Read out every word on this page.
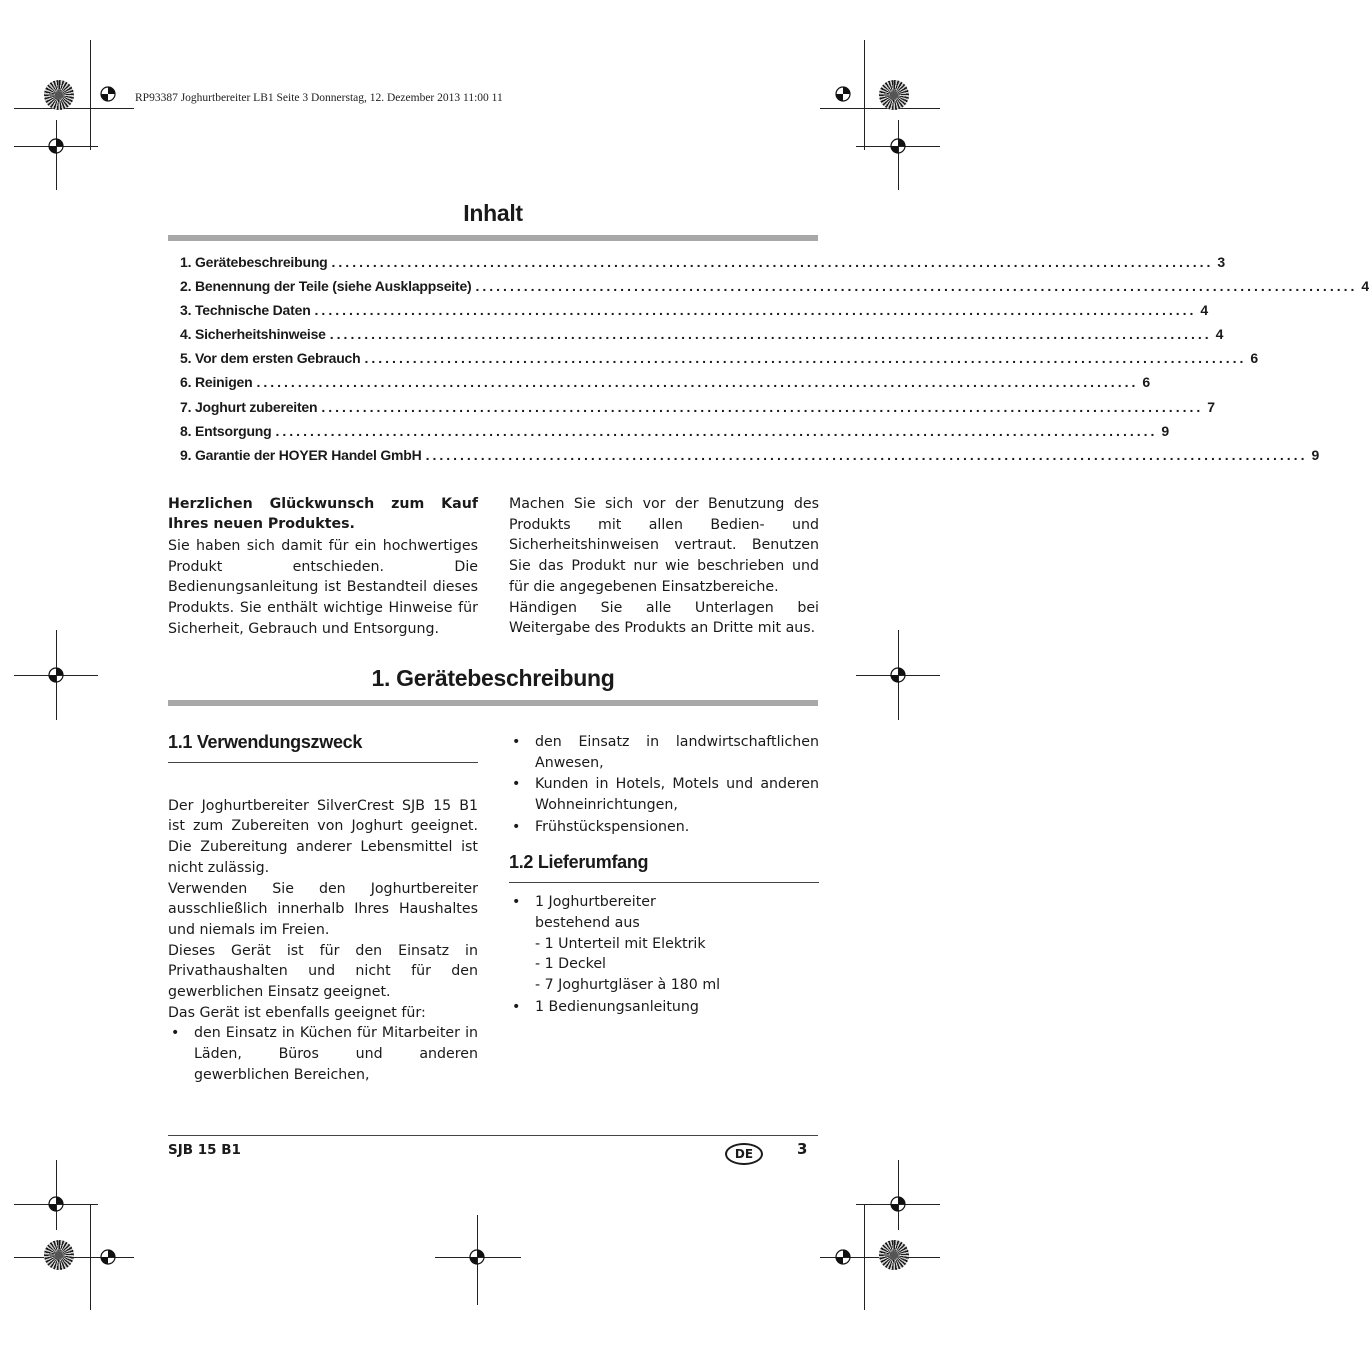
RP93387 Joghurtbereiter LB1 Seite 3 Donnerstag, 12. Dezember 2013 11:00 11
Inhalt
1. Gerätebeschreibung ................................................................................................................................ 3
2. Benennung der Teile (siehe Ausklappseite) ................................................................................................................................ 4
3. Technische Daten ................................................................................................................................ 4
4. Sicherheitshinweise ................................................................................................................................ 4
5. Vor dem ersten Gebrauch ................................................................................................................................ 6
6. Reinigen ................................................................................................................................ 6
7. Joghurt zubereiten ................................................................................................................................ 7
8. Entsorgung ................................................................................................................................ 9
9. Garantie der HOYER Handel GmbH ................................................................................................................................ 9

Herzlichen Glückwunsch zum Kauf Ihres neuen Produktes.

Sie haben sich damit für ein hochwertiges Produkt entschieden. Die Bedienungsanleitung ist Bestandteil dieses Produkts. Sie enthält wichtige Hinweise für Sicherheit, Gebrauch und Entsorgung.

Machen Sie sich vor der Benutzung des Produkts mit allen Bedien- und Sicherheitshinweisen vertraut. Benutzen Sie das Produkt nur wie beschrieben und für die angegebenen Einsatzbereiche.

Händigen Sie alle Unterlagen bei Weitergabe des Produkts an Dritte mit aus.

1. Gerätebeschreibung
1.1 Verwendungszweck

Der Joghurtbereiter SilverCrest SJB 15 B1 ist zum Zubereiten von Joghurt geeignet. Die Zubereitung anderer Lebensmittel ist nicht zulässig.

Verwenden Sie den Joghurtbereiter ausschließlich innerhalb Ihres Haushaltes und niemals im Freien.

Dieses Gerät ist für den Einsatz in Privathaushalten und nicht für den gewerblichen Einsatz geeignet.

Das Gerät ist ebenfalls geeignet für:

• den Einsatz in Küchen für Mitarbeiter in Läden, Büros und anderen gewerblichen Bereichen,
• den Einsatz in landwirtschaftlichen Anwesen,
• Kunden in Hotels, Motels und anderen Wohneinrichtungen,
• Frühstückspensionen.
1.2 Lieferumfang
• 1 Joghurtbereiter
bestehend aus
- 1 Unterteil mit Elektrik
- 1 Deckel
- 7 Joghurtgläser à 180 ml
• 1 Bedienungsanleitung
SJB 15 B1	DE	3
